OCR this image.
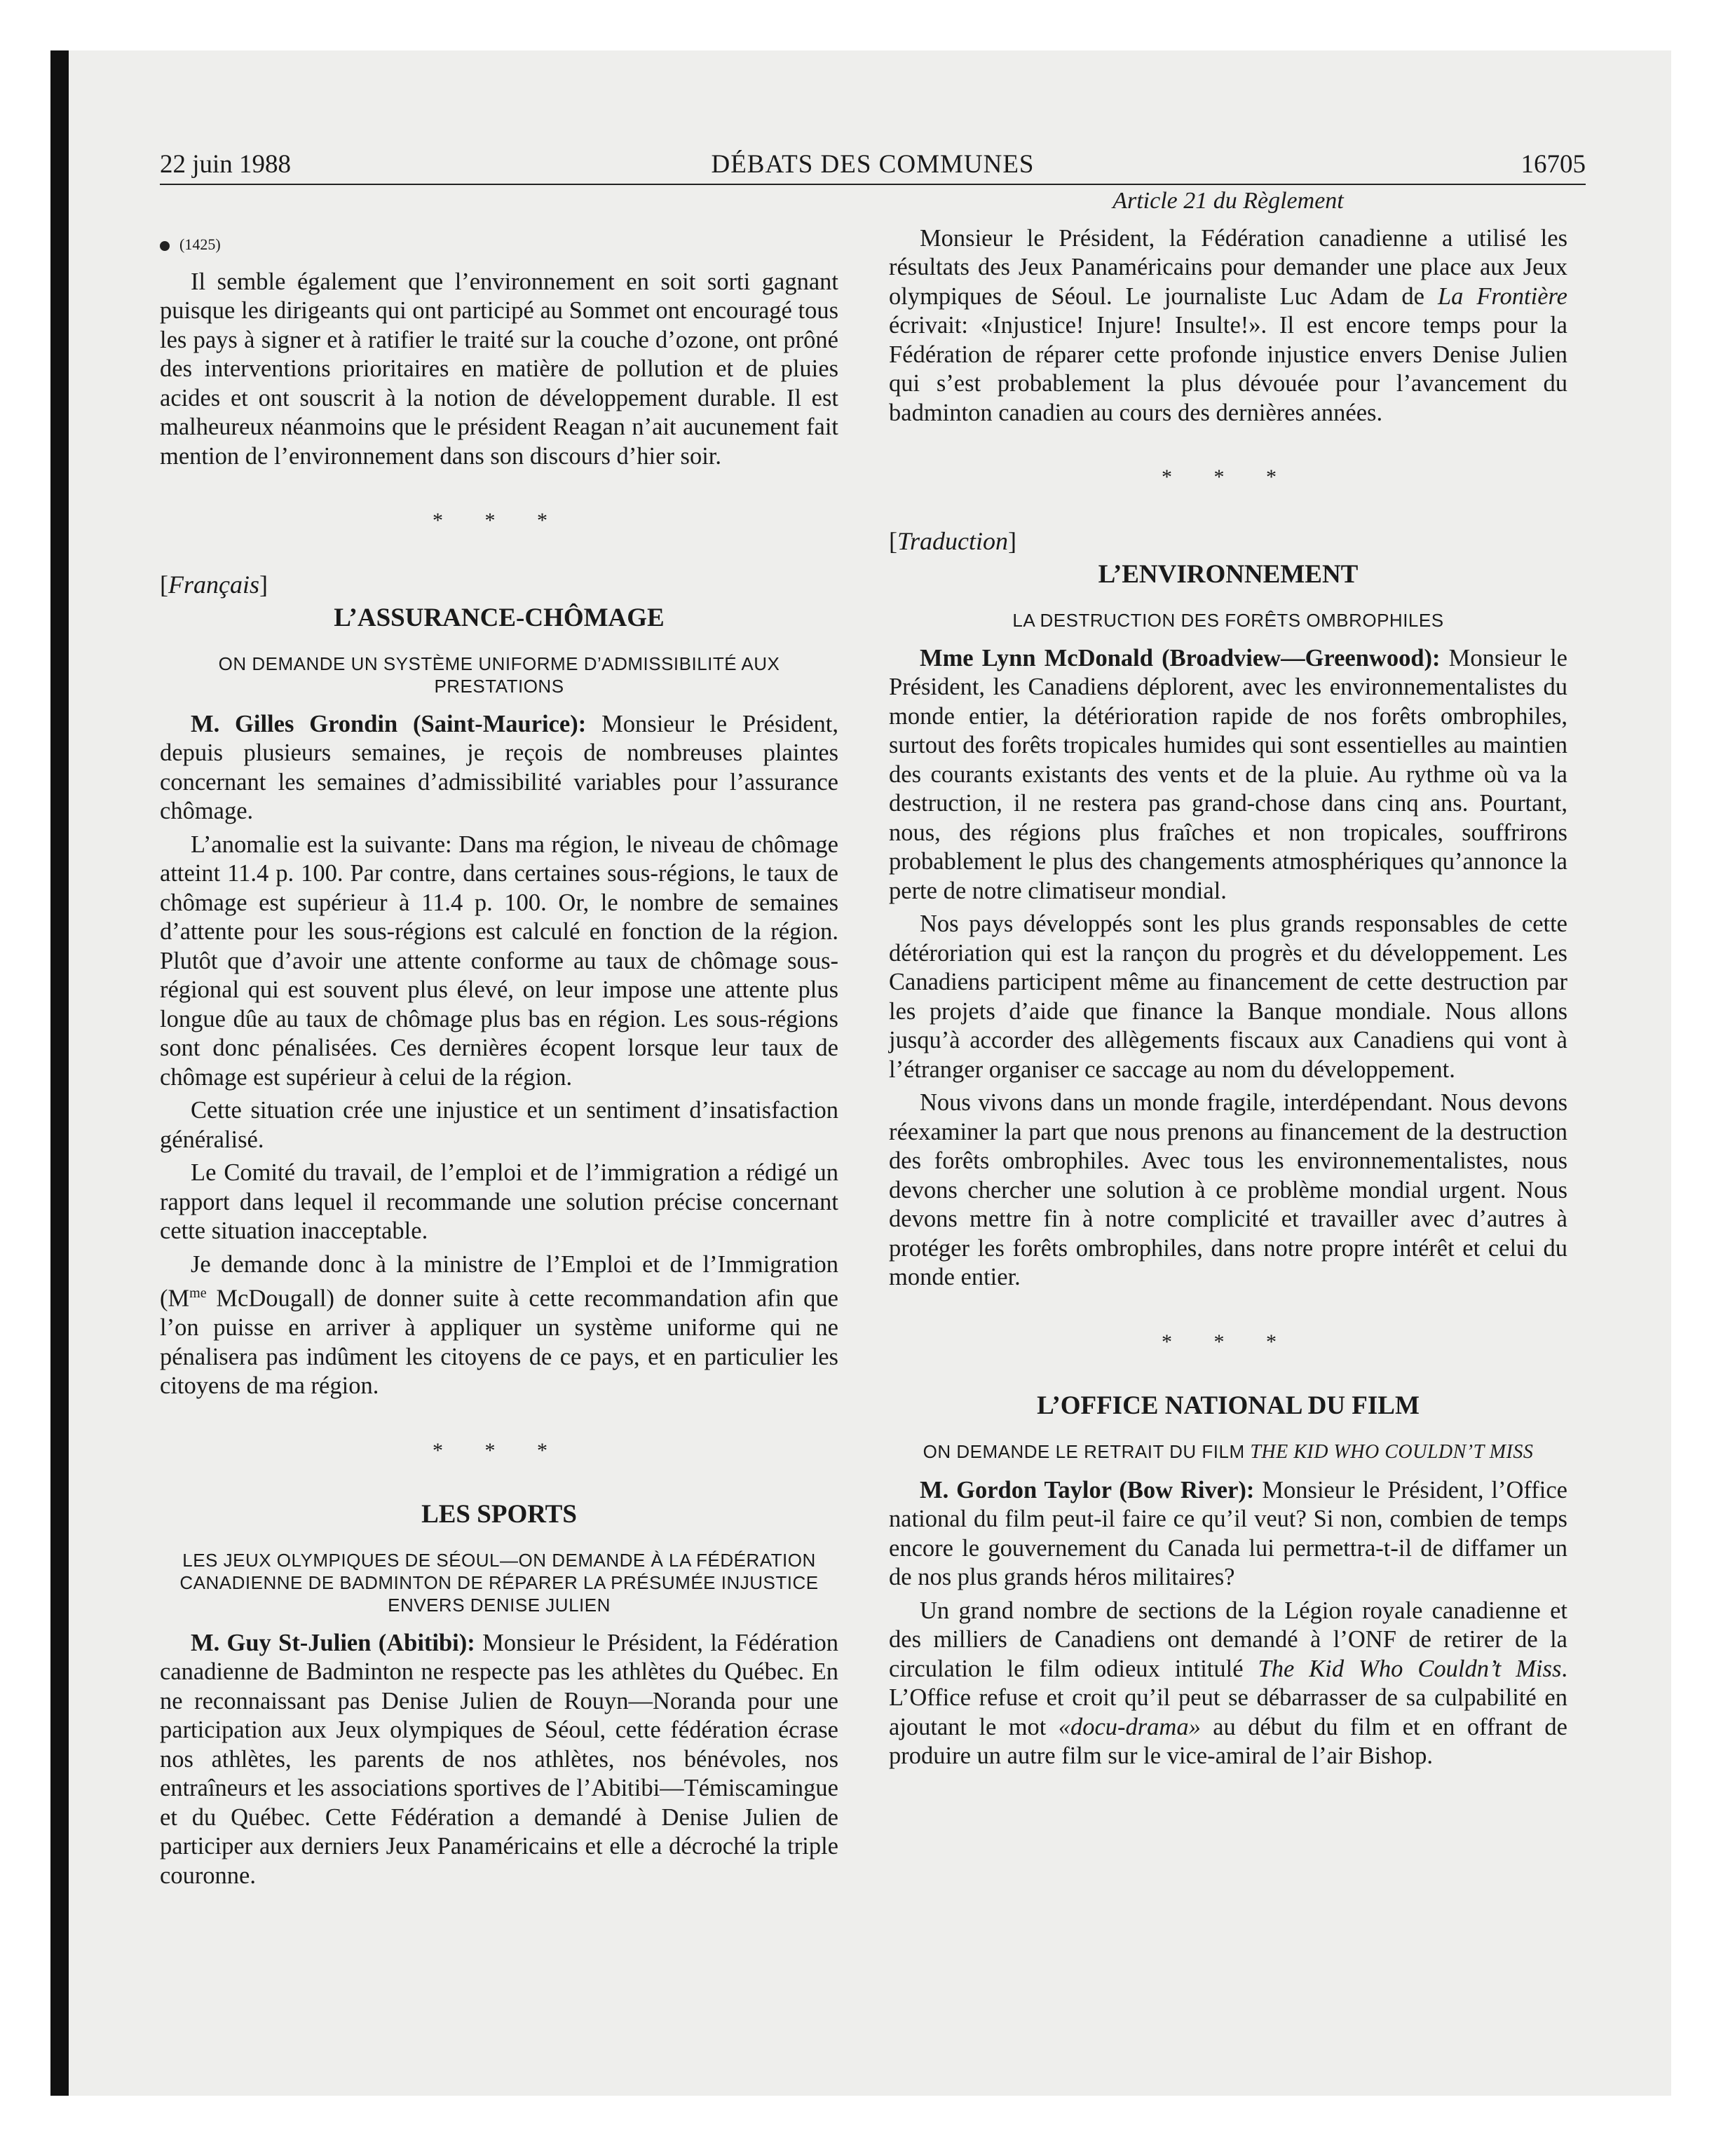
22 juin 1988	DÉBATS DES COMMUNES	16705
(1425)

Il semble également que l’environnement en soit sorti gagnant puisque les dirigeants qui ont participé au Sommet ont encouragé tous les pays à signer et à ratifier le traité sur la couche d’ozone, ont prôné des interventions prioritaires en matière de pollution et de pluies acides et ont souscrit à la notion de développement durable. Il est malheureux néanmoins que le président Reagan n’ait aucunement fait mention de l’environnement dans son discours d’hier soir.

* * *
[Français]
L’ASSURANCE-CHÔMAGE
ON DEMANDE UN SYSTÈME UNIFORME D’ADMISSIBILITÉ AUX PRESTATIONS

M. Gilles Grondin (Saint-Maurice): Monsieur le Président, depuis plusieurs semaines, je reçois de nombreuses plaintes concernant les semaines d’admissibilité variables pour l’assurance chômage.

L’anomalie est la suivante: Dans ma région, le niveau de chômage atteint 11.4 p. 100. Par contre, dans certaines sous-régions, le taux de chômage est supérieur à 11.4 p. 100. Or, le nombre de semaines d’attente pour les sous-régions est calculé en fonction de la région. Plutôt que d’avoir une attente conforme au taux de chômage sous-régional qui est souvent plus élevé, on leur impose une attente plus longue dûe au taux de chômage plus bas en région. Les sous-régions sont donc pénalisées. Ces dernières écopent lorsque leur taux de chômage est supérieur à celui de la région.

Cette situation crée une injustice et un sentiment d’insatisfaction généralisé.

Le Comité du travail, de l’emploi et de l’immigration a rédigé un rapport dans lequel il recommande une solution précise concernant cette situation inacceptable.

Je demande donc à la ministre de l’Emploi et de l’Immigration ($M^{me}$ McDougall) de donner suite à cette recommandation afin que l’on puisse en arriver à appliquer un système uniforme qui ne pénalisera pas indûment les citoyens de ce pays, et en particulier les citoyens de ma région.

* * *
LES SPORTS
LES JEUX OLYMPIQUES DE SÉOUL—ON DEMANDE À LA FÉDÉRATION CANADIENNE DE BADMINTON DE RÉPARER LA PRÉSUMÉE INJUSTICE ENVERS DENISE JULIEN

M. Guy St-Julien (Abitibi): Monsieur le Président, la Fédération canadienne de Badminton ne respecte pas les athlètes du Québec. En ne reconnaissant pas Denise Julien de Rouyn—Noranda pour une participation aux Jeux olympiques de Séoul, cette fédération écrase nos athlètes, les parents de nos athlètes, nos bénévoles, nos entraîneurs et les associations sportives de l’Abitibi—Témiscamingue et du Québec. Cette Fédération a demandé à Denise Julien de participer aux derniers Jeux Panaméricains et elle a décroché la triple couronne.

Article 21 du Règlement

Monsieur le Président, la Fédération canadienne a utilisé les résultats des Jeux Panaméricains pour demander une place aux Jeux olympiques de Séoul. Le journaliste Luc Adam de La Frontière écrivait: «Injustice! Injure! Insulte!». Il est encore temps pour la Fédération de réparer cette profonde injustice envers Denise Julien qui s’est probablement la plus dévouée pour l’avancement du badminton canadien au cours des dernières années.

* * *
[Traduction]
L’ENVIRONNEMENT
LA DESTRUCTION DES FORÊTS OMBROPHILES

Mme Lynn McDonald (Broadview—Greenwood): Monsieur le Président, les Canadiens déplorent, avec les environnementalistes du monde entier, la détérioration rapide de nos forêts ombrophiles, surtout des forêts tropicales humides qui sont essentielles au maintien des courants existants des vents et de la pluie. Au rythme où va la destruction, il ne restera pas grand-chose dans cinq ans. Pourtant, nous, des régions plus fraîches et non tropicales, souffrirons probablement le plus des changements atmosphériques qu’annonce la perte de notre climatiseur mondial.

Nos pays développés sont les plus grands responsables de cette détéroriation qui est la rançon du progrès et du développement. Les Canadiens participent même au financement de cette destruction par les projets d’aide que finance la Banque mondiale. Nous allons jusqu’à accorder des allègements fiscaux aux Canadiens qui vont à l’étranger organiser ce saccage au nom du développement.

Nous vivons dans un monde fragile, interdépendant. Nous devons réexaminer la part que nous prenons au financement de la destruction des forêts ombrophiles. Avec tous les environnementalistes, nous devons chercher une solution à ce problème mondial urgent. Nous devons mettre fin à notre complicité et travailler avec d’autres à protéger les forêts ombrophiles, dans notre propre intérêt et celui du monde entier.

* * *
L’OFFICE NATIONAL DU FILM
ON DEMANDE LE RETRAIT DU FILM THE KID WHO COULDN’T MISS

M. Gordon Taylor (Bow River): Monsieur le Président, l’Office national du film peut-il faire ce qu’il veut? Si non, combien de temps encore le gouvernement du Canada lui permettra-t-il de diffamer un de nos plus grands héros militaires?

Un grand nombre de sections de la Légion royale canadienne et des milliers de Canadiens ont demandé à l’ONF de retirer de la circulation le film odieux intitulé The Kid Who Couldn’t Miss. L’Office refuse et croit qu’il peut se débarrasser de sa culpabilité en ajoutant le mot «docu-drama» au début du film et en offrant de produire un autre film sur le vice-amiral de l’air Bishop.
